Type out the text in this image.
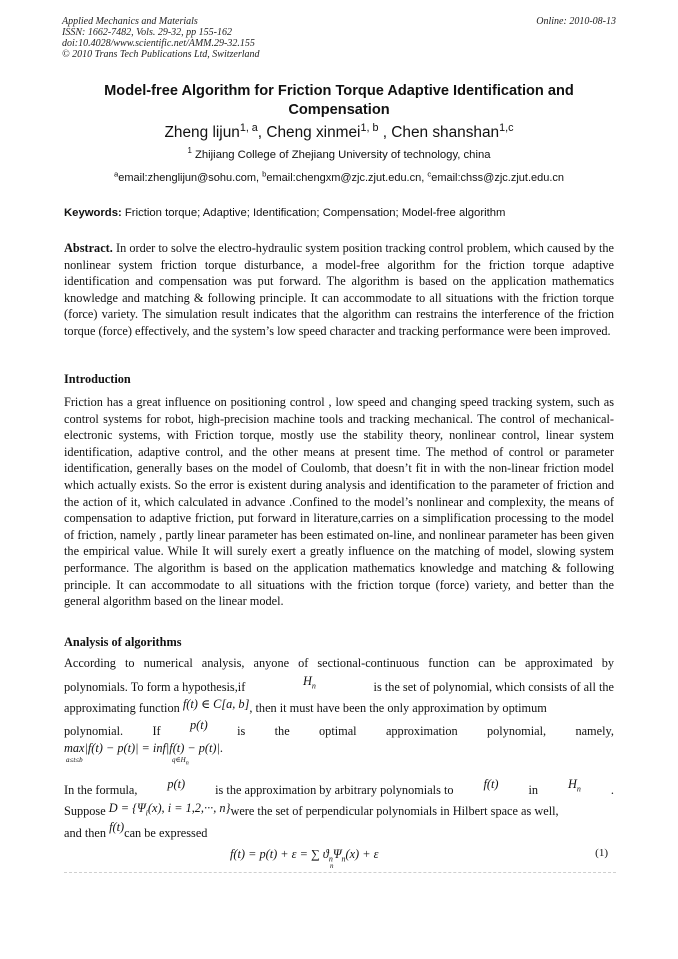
Applied Mechanics and Materials
ISSN: 1662-7482, Vols. 29-32, pp 155-162
doi:10.4028/www.scientific.net/AMM.29-32.155
© 2010 Trans Tech Publications Ltd, Switzerland
Online: 2010-08-13
Model-free Algorithm for Friction Torque Adaptive Identification and Compensation
Zheng lijun$^{1, a}$, Cheng xinmei$^{1, b}$ , Chen shanshan$^{1,c}$
$^1$ Zhijiang College of Zhejiang University of technology, china
$^a$email:zhenglijun@sohu.com, $^b$email:chengxm@zjc.zjut.edu.cn, $^c$email:chss@zjc.zjut.edu.cn
Keywords: Friction torque; Adaptive; Identification; Compensation; Model-free algorithm
Abstract. In order to solve the electro-hydraulic system position tracking control problem, which caused by the nonlinear system friction torque disturbance, a model-free algorithm for the friction torque adaptive identification and compensation was put forward. The algorithm is based on the application mathematics knowledge and matching & following principle. It can accommodate to all situations with the friction torque (force) variety. The simulation result indicates that the algorithm can restrains the interference of the friction torque (force) effectively, and the system’s low speed character and tracking performance were been improved.
Introduction
Friction has a great influence on positioning control , low speed and changing speed tracking system, such as control systems for robot, high-precision machine tools and tracking mechanical. The control of mechanical-electronic systems, with Friction torque, mostly use the stability theory, nonlinear control, linear system identification, adaptive control, and the other means at present time. The method of control or parameter identification, generally bases on the model of Coulomb, that doesn’t fit in with the non-linear friction model which actually exists. So the error is existent during analysis and identification to the parameter of friction and the action of it, which calculated in advance .Confined to the model’s nonlinear and complexity, the means of compensation to adaptive friction, put forward in literature,carries on a simplification processing to the model of friction, namely , partly linear parameter has been estimated on-line, and nonlinear parameter has been given the empirical value. While It will surely exert a greatly influence on the matching of model, slowing system performance. The algorithm is based on the application mathematics knowledge and matching & following principle. It can accommodate to all situations with the friction torque (force) variety, and better than the general algorithm based on the linear model.
Analysis of algorithms
According to numerical analysis, anyone of sectional-continuous function can be approximated by
polynomials. To form a hypothesis,if	$H_n$	is the set of polynomial, which consists of all the
approximating function f(t) ∈ C[a, b], then it must have been the only approximation by optimum
polynomial. If p(t) is the optimal approximation polynomial, namely,
max|f(t) − p(t)| = inf|f(t) − p(t)|.
a≤t≤b	$q\in H_n$
In the formula, p(t) is the approximation by arbitrary polynomials to f(t) in $H_n$ .
Suppose $D = \{\Psi_i(x)$, i = 1,2,···, n}were the set of perpendicular polynomials in Hilbert space as well,
and then f(t)can be expressed
f(t) = p(t) + ε = ∑ $ϑ_n\Psi_n(x) + \varepsilon$
n
(1)
